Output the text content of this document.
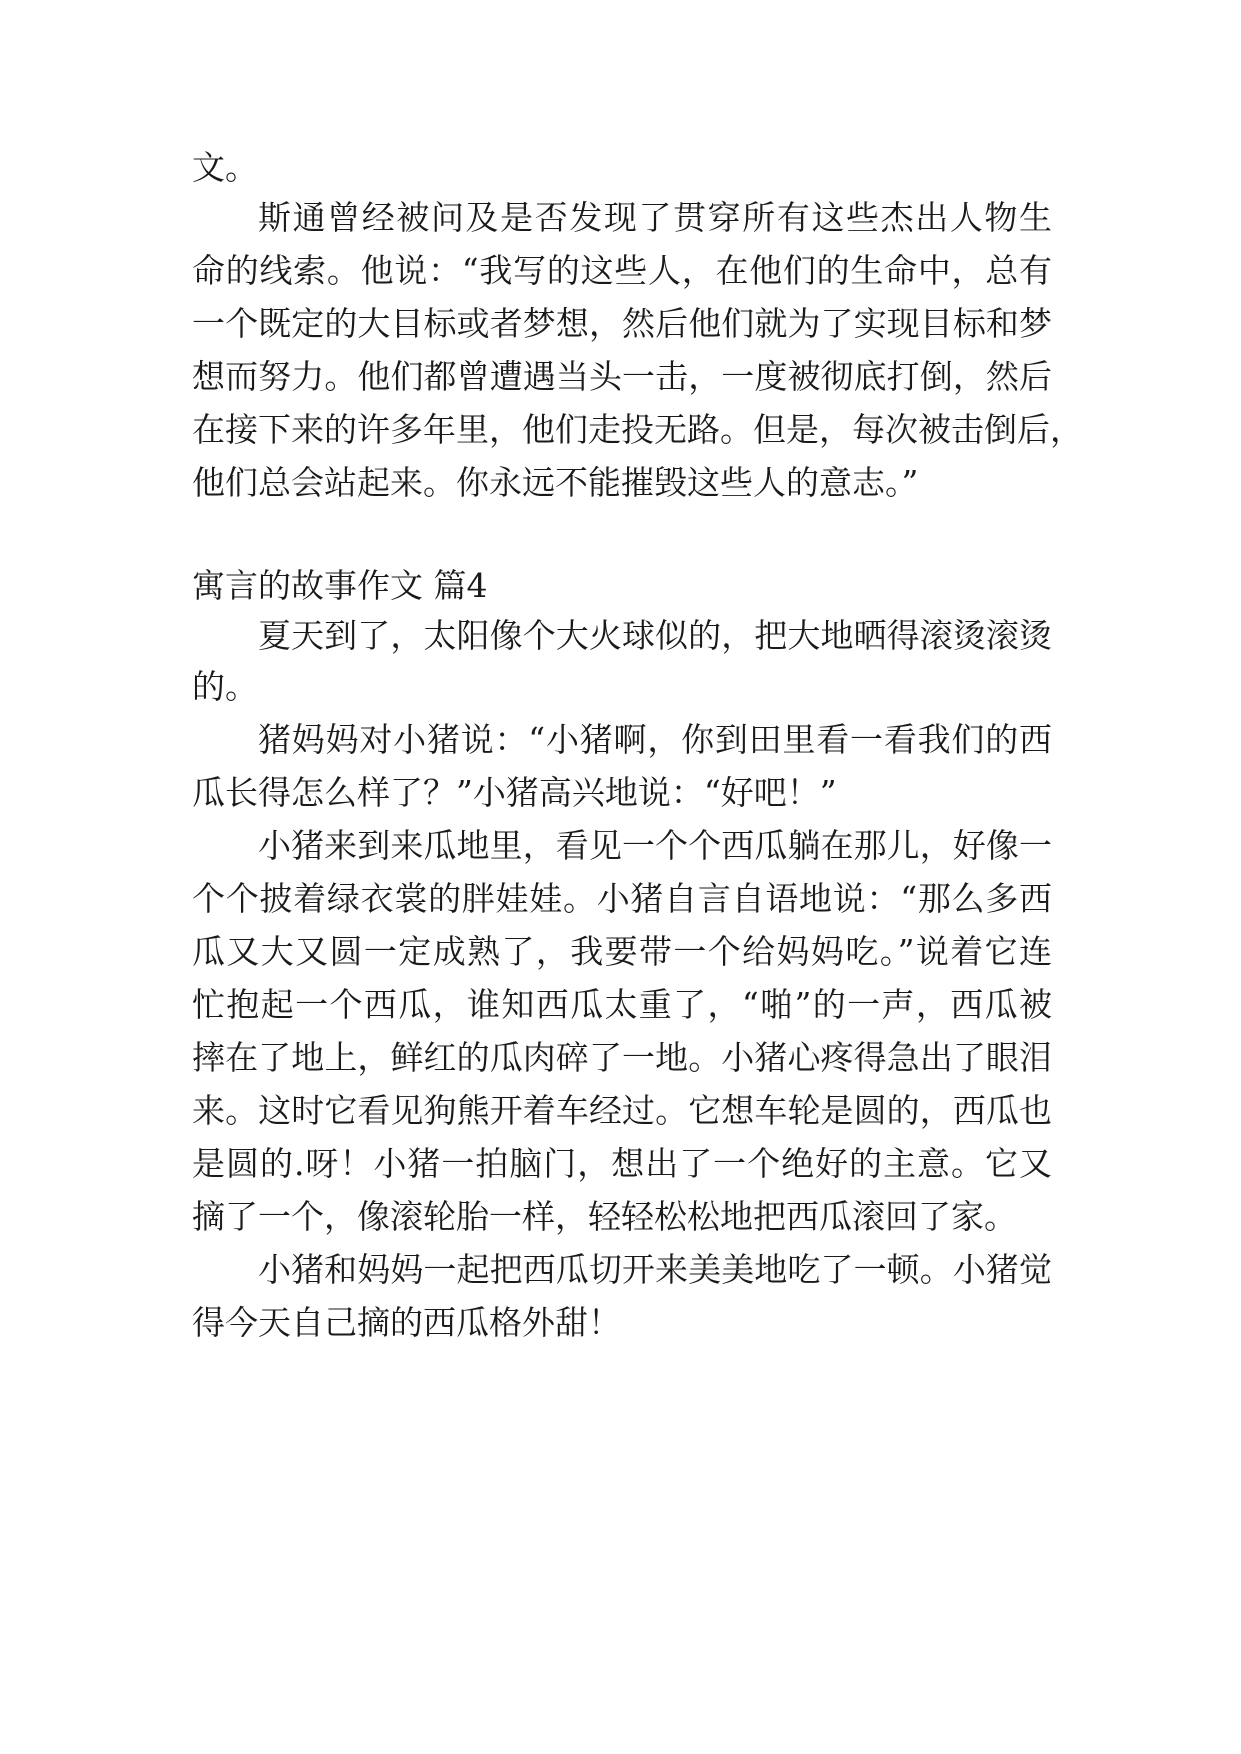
文。
斯通曾经被问及是否发现了贯穿所有这些杰出人物生
命的线索。他说：“我写的这些人，在他们的生命中，总有
一个既定的大目标或者梦想，然后他们就为了实现目标和梦
想而努力。他们都曾遭遇当头一击，一度被彻底打倒，然后
在接下来的许多年里，他们走投无路。但是，每次被击倒后，
他们总会站起来。你永远不能摧毁这些人的意志。”
寓言的故事作文 篇4
夏天到了，太阳像个大火球似的，把大地晒得滚烫滚烫
的。
猪妈妈对小猪说：“小猪啊，你到田里看一看我们的西
瓜长得怎么样了？”小猪高兴地说：“好吧！”
小猪来到来瓜地里，看见一个个西瓜躺在那儿，好像一
个个披着绿衣裳的胖娃娃。小猪自言自语地说：“那么多西
瓜又大又圆一定成熟了，我要带一个给妈妈吃。”说着它连
忙抱起一个西瓜，谁知西瓜太重了，“啪”的一声，西瓜被
摔在了地上，鲜红的瓜肉碎了一地。小猪心疼得急出了眼泪
来。这时它看见狗熊开着车经过。它想车轮是圆的，西瓜也
是圆的.呀！小猪一拍脑门，想出了一个绝好的主意。它又
摘了一个，像滚轮胎一样，轻轻松松地把西瓜滚回了家。
小猪和妈妈一起把西瓜切开来美美地吃了一顿。小猪觉
得今天自己摘的西瓜格外甜！
